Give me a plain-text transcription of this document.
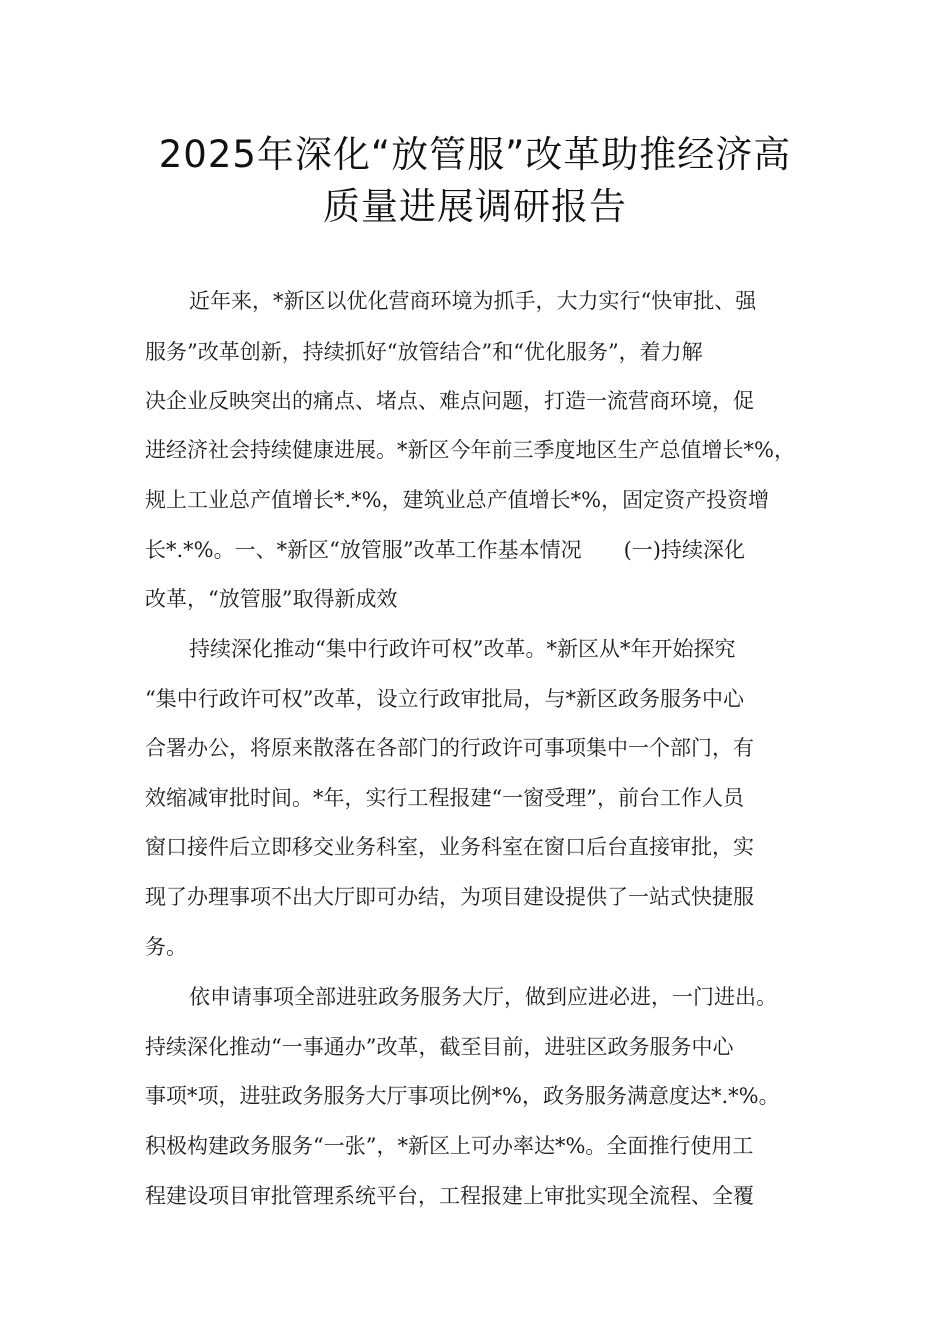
2025年深化“放管服”改革助推经济高
质量进展调研报告
近年来，*新区以优化营商环境为抓手，大力实行“快审批、强
服务”改革创新，持续抓好“放管结合”和“优化服务”，着力解
决企业反映突出的痛点、堵点、难点问题，打造一流营商环境，促
进经济社会持续健康进展。*新区今年前三季度地区生产总值增长*%，
规上工业总产值增长*.*%，建筑业总产值增长*%，固定资产投资增
长*.*%。一、*新区“放管服”改革工作基本情况　　(一)持续深化
改革，“放管服”取得新成效
持续深化推动“集中行政许可权”改革。*新区从*年开始探究
“集中行政许可权”改革，设立行政审批局，与*新区政务服务中心
合署办公，将原来散落在各部门的行政许可事项集中一个部门，有
效缩减审批时间。*年，实行工程报建“一窗受理”，前台工作人员
窗口接件后立即移交业务科室，业务科室在窗口后台直接审批，实
现了办理事项不出大厅即可办结，为项目建设提供了一站式快捷服
务。
依申请事项全部进驻政务服务大厅，做到应进必进，一门进出。
持续深化推动“一事通办”改革，截至目前，进驻区政务服务中心
事项*项，进驻政务服务大厅事项比例*%，政务服务满意度达*.*%。
积极构建政务服务“一张”，*新区上可办率达*%。全面推行使用工
程建设项目审批管理系统平台，工程报建上审批实现全流程、全覆
